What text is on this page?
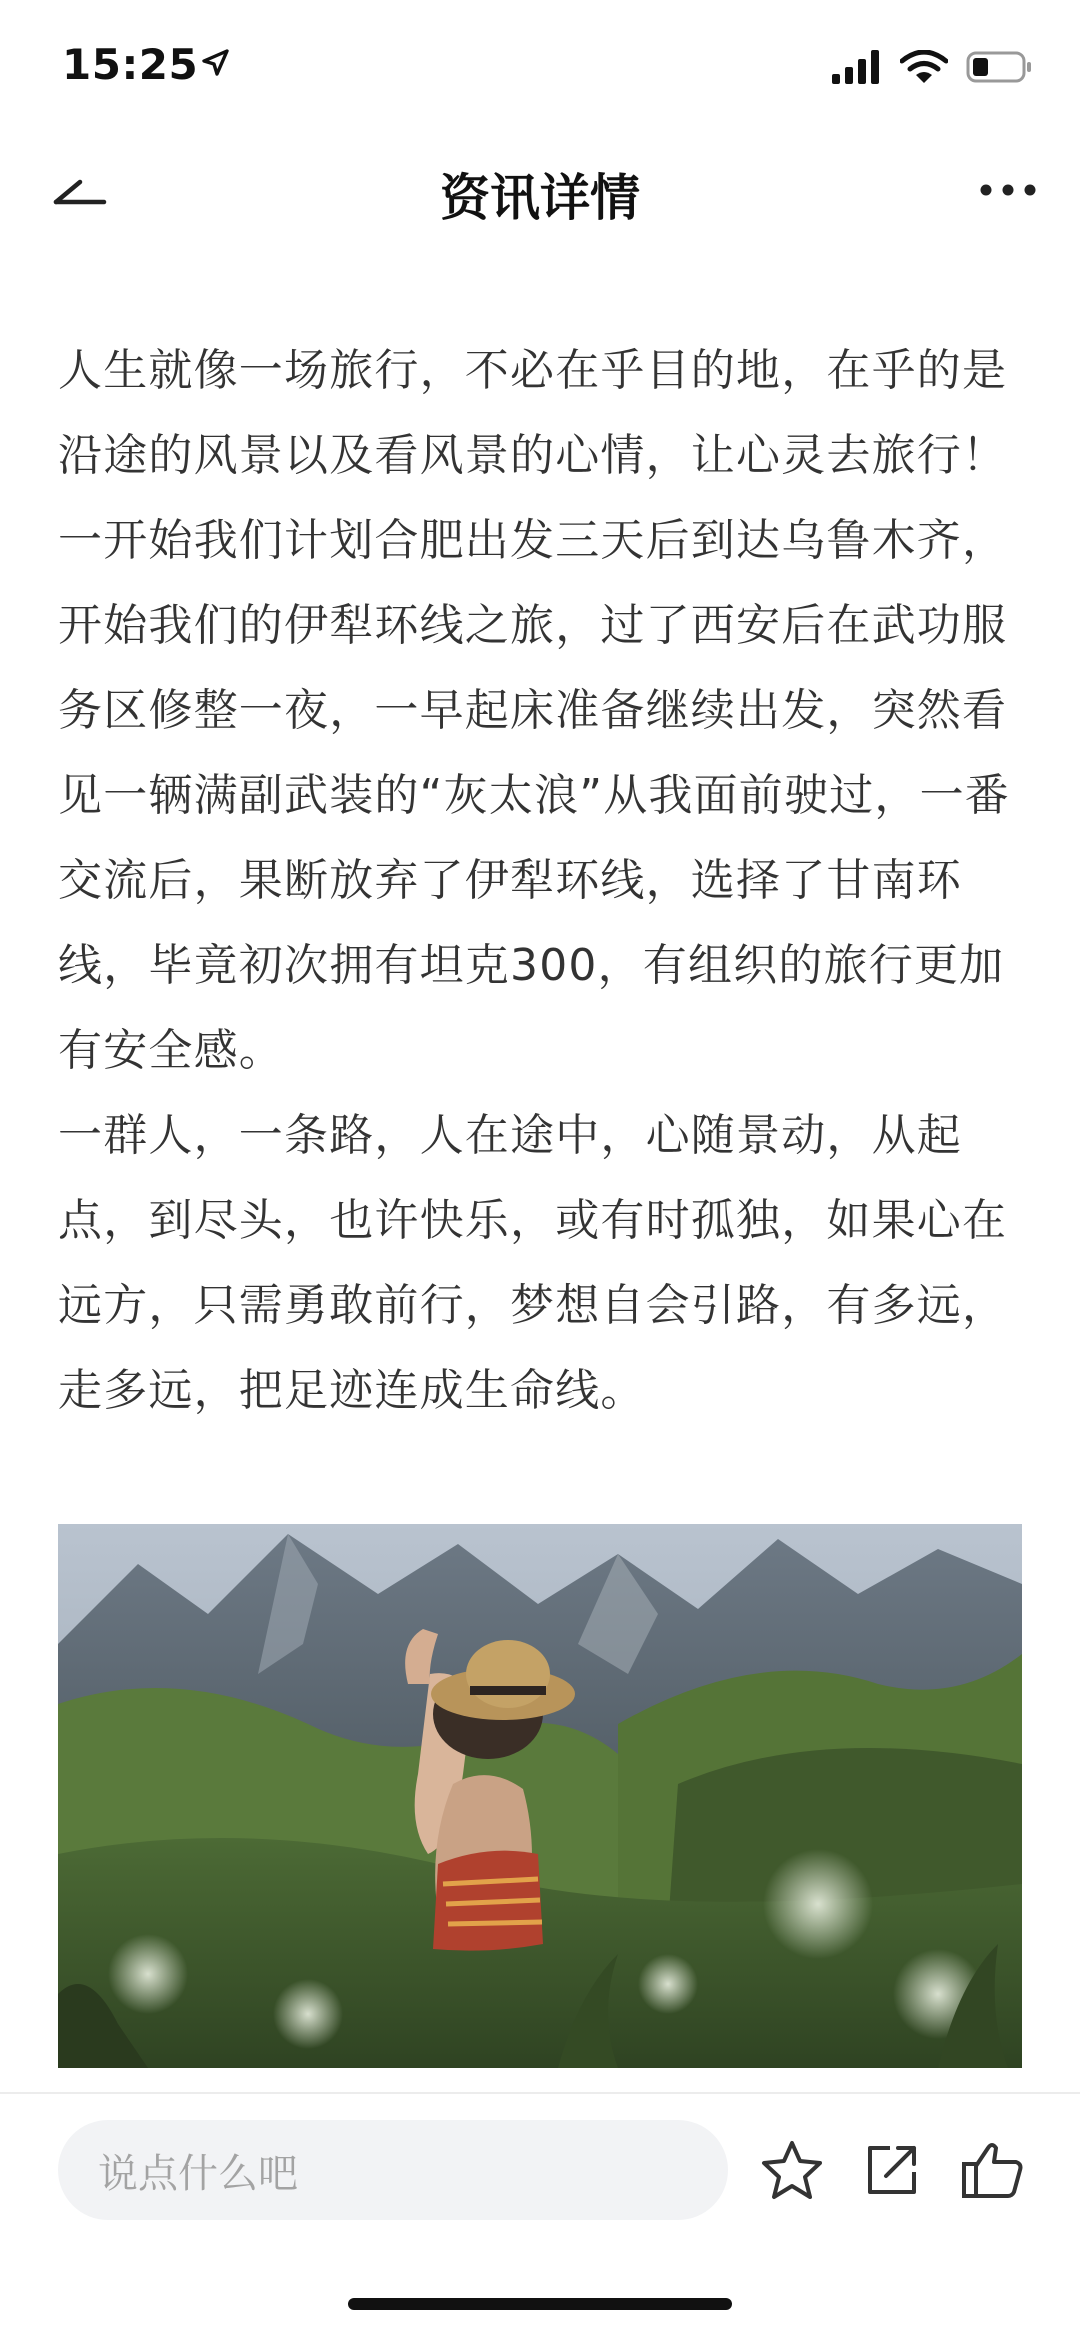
15:25
资讯详情

人生就像一场旅行，不必在乎目的地，在乎的是沿途的风景以及看风景的心情，让心灵去旅行！

一开始我们计划合肥出发三天后到达乌鲁木齐，开始我们的伊犁环线之旅，过了西安后在武功服务区修整一夜，一早起床准备继续出发，突然看见一辆满副武装的“灰太浪”从我面前驶过，一番交流后，果断放弃了伊犁环线，选择了甘南环线，毕竟初次拥有坦克300，有组织的旅行更加有安全感。

一群人，一条路，人在途中，心随景动，从起点，到尽头，也许快乐，或有时孤独，如果心在远方，只需勇敢前行，梦想自会引路，有多远，走多远，把足迹连成生命线。

说点什么吧
